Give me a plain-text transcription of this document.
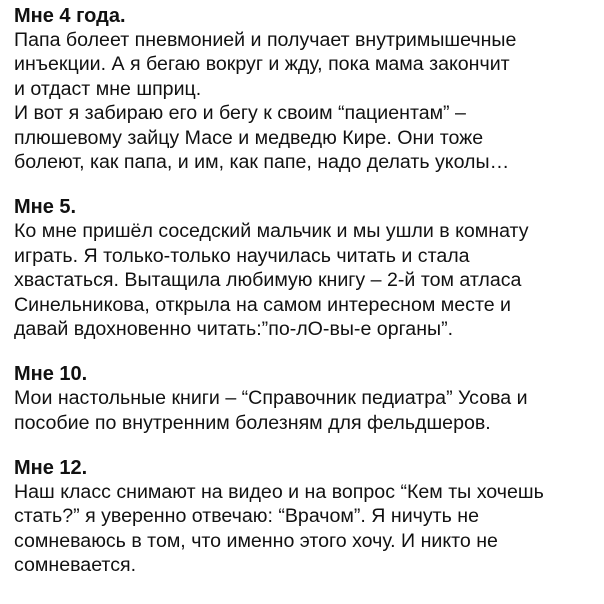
Мне 4 года.

Папа болеет пневмонией и получает внутримышечные

инъекции. А я бегаю вокруг и жду, пока мама закончит

и отдаст мне шприц.

И вот я забираю его и бегу к своим “пациентам” –

плюшевому зайцу Масе и медведю Кире. Они тоже

болеют, как папа, и им, как папе, надо делать уколы…

Мне 5.

Ко мне пришёл соседский мальчик и мы ушли в комнату

играть. Я только-только научилась читать и стала

хвастаться. Вытащила любимую книгу – 2-й том атласа

Синельникова, открыла на самом интересном месте и

давай вдохновенно читать:”по-лО-вы-е органы”.

Мне 10.

Мои настольные книги – “Справочник педиатра” Усова и

пособие по внутренним болезням для фельдшеров.

Мне 12.

Наш класс снимают на видео и на вопрос “Кем ты хочешь

стать?” я уверенно отвечаю: “Врачом”. Я ничуть не

сомневаюсь в том, что именно этого хочу. И никто не

сомневается.
